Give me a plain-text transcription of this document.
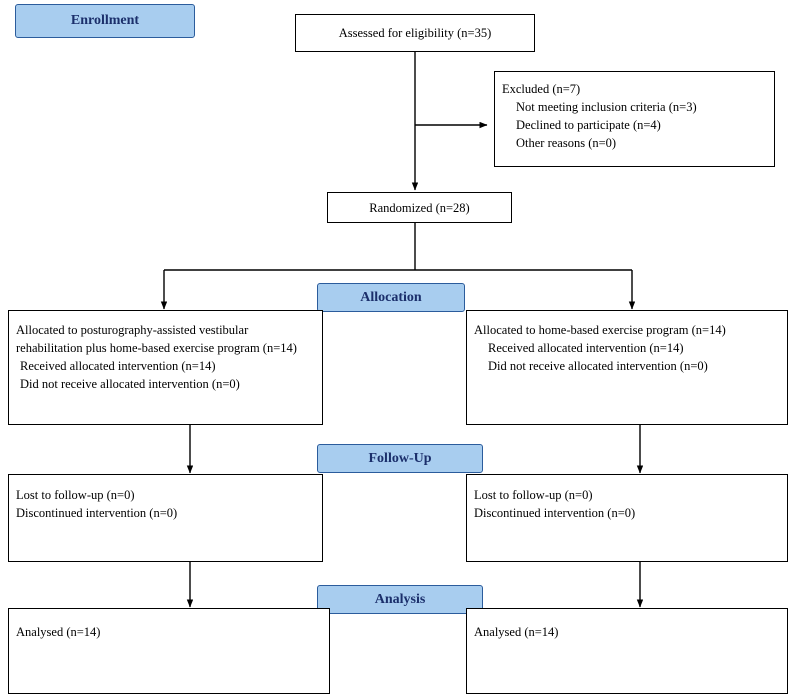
Enrollment
Allocation
Follow-Up
Analysis
Assessed for eligibility (n=35)
Excluded (n=7)
Not meeting inclusion criteria (n=3)
Declined to participate (n=4)
Other reasons (n=0)
Randomized (n=28)
Allocated to posturography-assisted vestibular rehabilitation plus home-based exercise program (n=14)
Received allocated intervention (n=14)
Did not receive allocated intervention (n=0)
Allocated to home-based exercise program (n=14)
Received allocated intervention (n=14)
Did not receive allocated intervention (n=0)
Lost to follow-up (n=0)
Discontinued intervention (n=0)
Lost to follow-up (n=0)
Discontinued intervention (n=0)
Analysed (n=14)	Analysed (n=14)
